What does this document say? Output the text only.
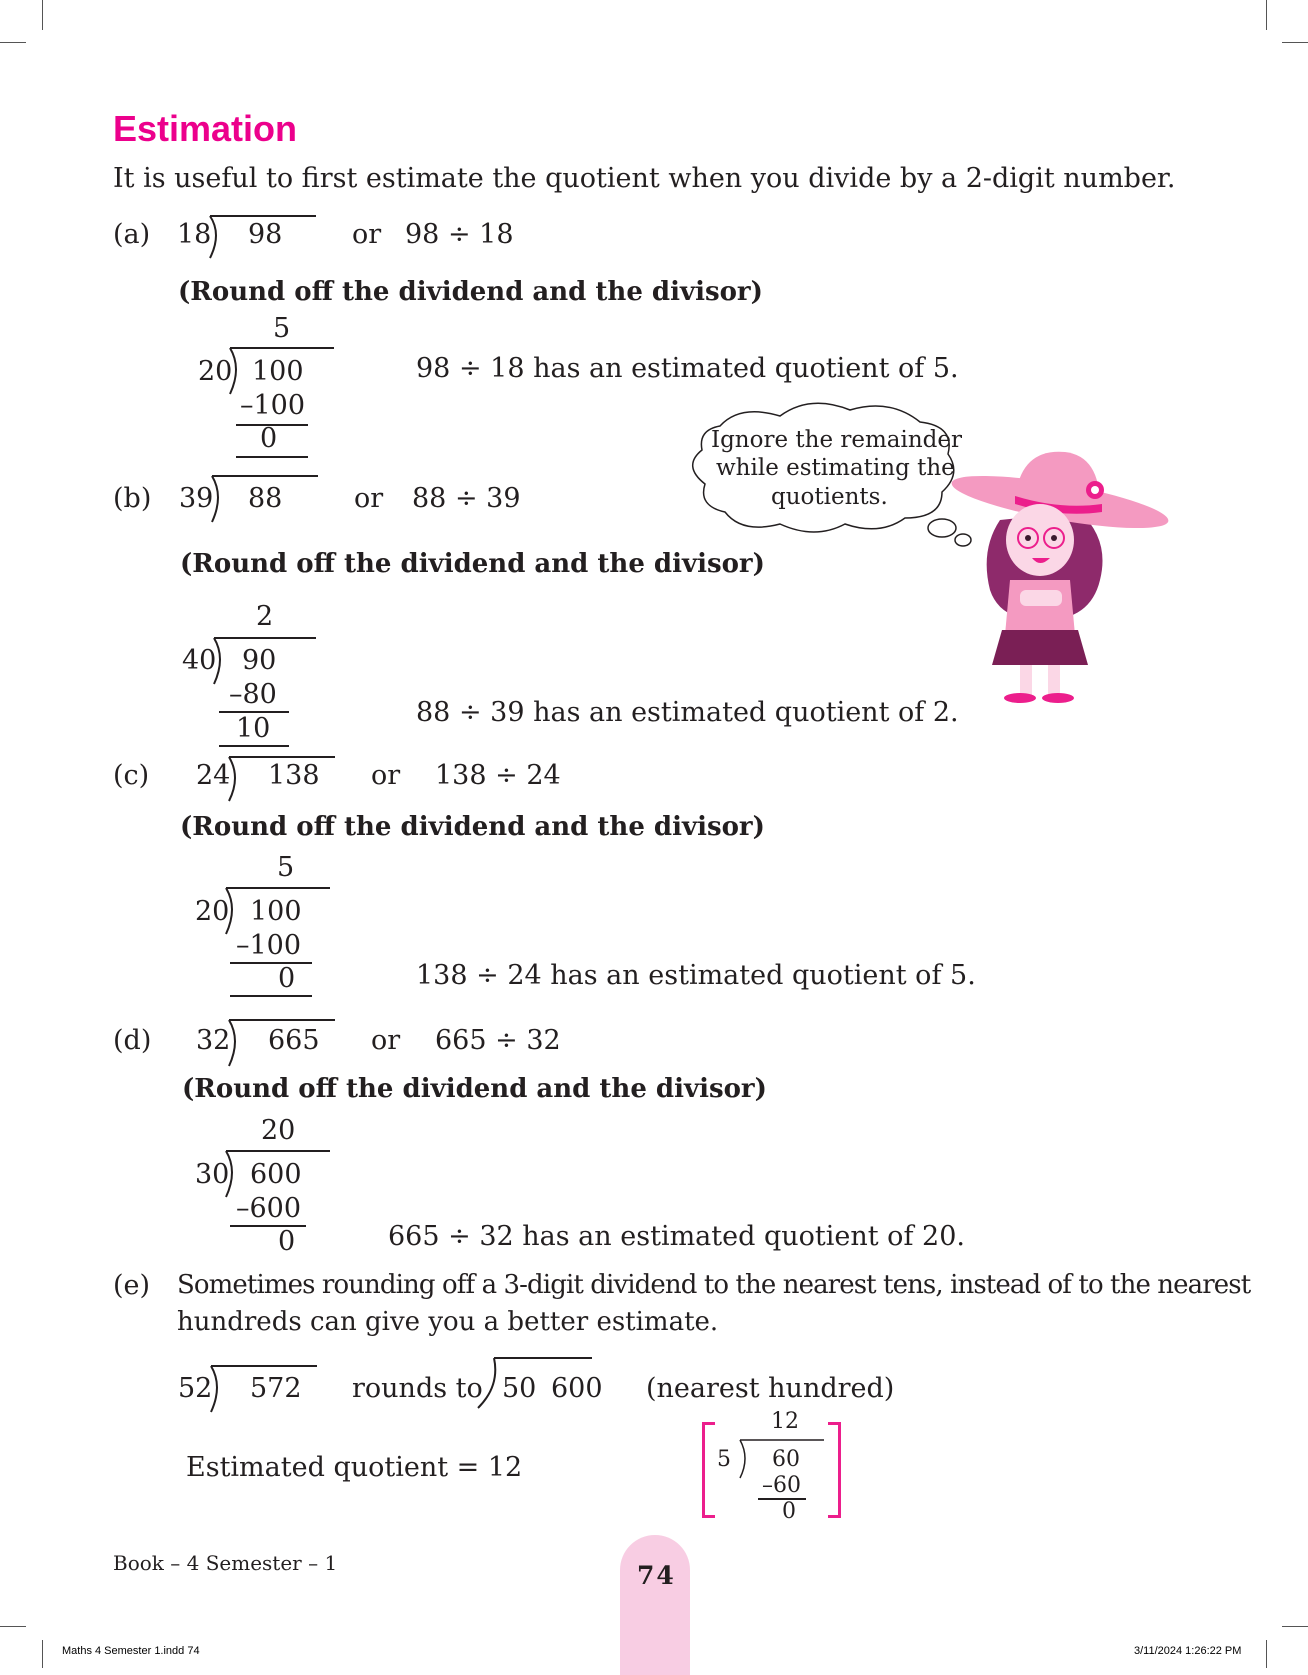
Estimation
It is useful to first estimate the quotient when you divide by a 2-digit number.
(a) 18 98	or 98 ÷ 18
(Round off the dividend and the divisor)
5
20 100
–100
0
98 ÷ 18 has an estimated quotient of 5.
(b) 39 88	or 88 ÷ 39
(Round off the dividend and the divisor)
2
40 90
–80
10
88 ÷ 39 has an estimated quotient of 2.
(c) 24 138 or 138 ÷ 24
(Round off the dividend and the divisor)
5
20 100
–100
0	138 ÷ 24 has an estimated quotient of 5.
(d) 32 665 or 665 ÷ 32
(Round off the dividend and the divisor)
20
30 600
–600
0	665 ÷ 32 has an estimated quotient of 20.
(e) Sometimes rounding off a 3-digit dividend to the nearest tens, instead of to the nearest
hundreds can give you a better estimate.
52 572 rounds to 50 600 (nearest hundred)
Estimated quotient = 12
12
5 60
–60
0
Ignore the remainder
while estimating the
quotients.
Book – 4 Semester – 1	74
Maths 4 Semester 1.indd 74	3/11/2024 1:26:22 PM
